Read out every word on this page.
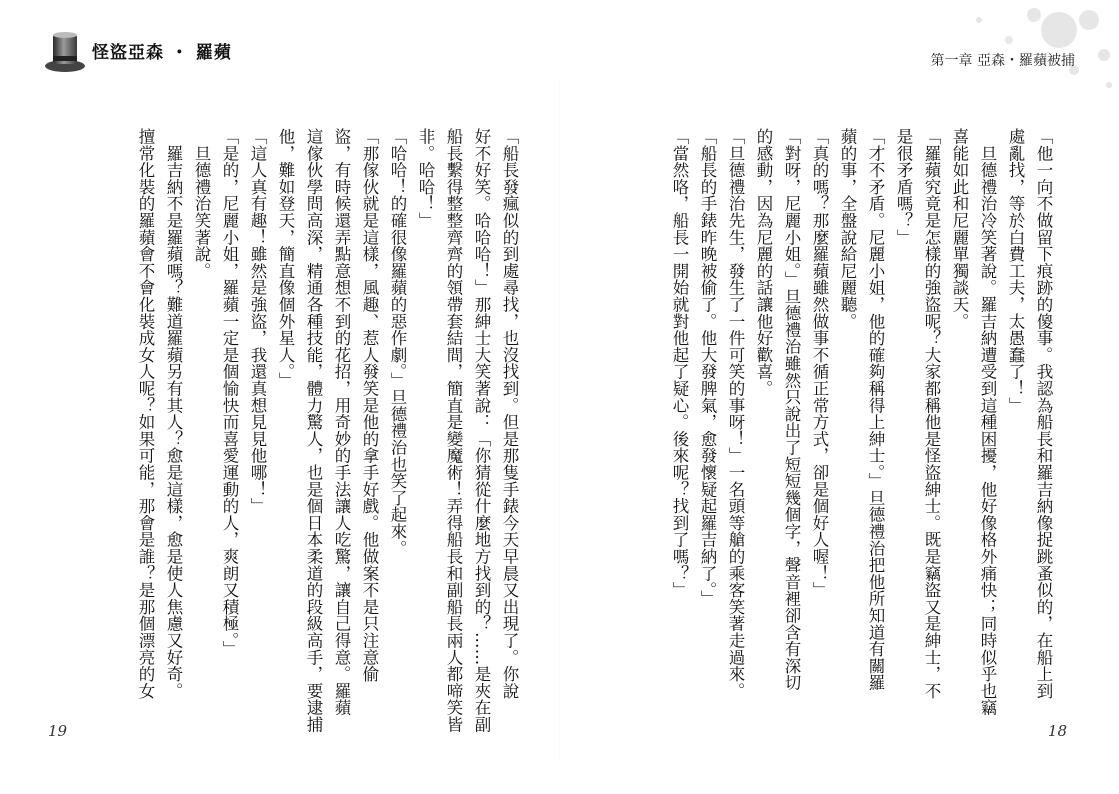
怪盜亞森 ・ 羅蘋	第一章 亞森・羅蘋被捕

「他一向不做留下痕跡的傻事。我認為船長和羅吉納像捉跳蚤似的，在船上到

處亂找，等於白費工夫，太愚蠢了！」

　旦德禮治冷笑著說。羅吉納遭受到這種困擾，他好像格外痛快；同時似乎也竊

喜能如此和尼麗單獨談天。

「羅蘋究竟是怎樣的強盜呢？大家都稱他是怪盜紳士。既是竊盜又是紳士，不

是很矛盾嗎？」

「才不矛盾。尼麗小姐，他的確夠稱得上紳士。」旦德禮治把他所知道有關羅

蘋的事，全盤說給尼麗聽。

「真的嗎？那麼羅蘋雖然做事不循正常方式，卻是個好人喔！」

「對呀，尼麗小姐。」旦德禮治雖然只說出了短短幾個字，聲音裡卻含有深切

的感動，因為尼麗的話讓他好歡喜。

「旦德禮治先生，發生了一件可笑的事呀！」一名頭等艙的乘客笑著走過來。

「船長的手錶昨晚被偷了。他大發脾氣，愈發懷疑起羅吉納了。」

「當然咯，船長一開始就對他起了疑心。後來呢？找到了嗎？」

「船長發瘋似的到處尋找，也沒找到。但是那隻手錶今天早晨又出現了。你說

好不好笑。哈哈哈！」那紳士大笑著說：「你猜從什麼地方找到的？……是夾在副

船長繫得整整齊齊的領帶套結間，簡直是變魔術！弄得船長和副船長兩人都啼笑皆

非。哈哈！」

「哈哈！的確很像羅蘋的惡作劇。」旦德禮治也笑了起來。

「那傢伙就是這樣，風趣、惹人發笑是他的拿手好戲。他做案不是只注意偷

盜，有時候還弄點意想不到的花招，用奇妙的手法讓人吃驚，讓自己得意。羅蘋

這傢伙學問高深，精通各種技能，體力驚人，也是個日本柔道的段級高手，要逮捕

他，難如登天，簡直像個外星人。」

「這人真有趣！雖然是強盜，我還真想見見他哪！」

「是的，尼麗小姐，羅蘋一定是個愉快而喜愛運動的人，爽朗又積極。」

　旦德禮治笑著說。

　羅吉納不是羅蘋嗎？難道羅蘋另有其人？愈是這樣，愈是使人焦慮又好奇。

擅常化裝的羅蘋會不會化裝成女人呢？如果可能，那會是誰？是那個漂亮的女

19	18
